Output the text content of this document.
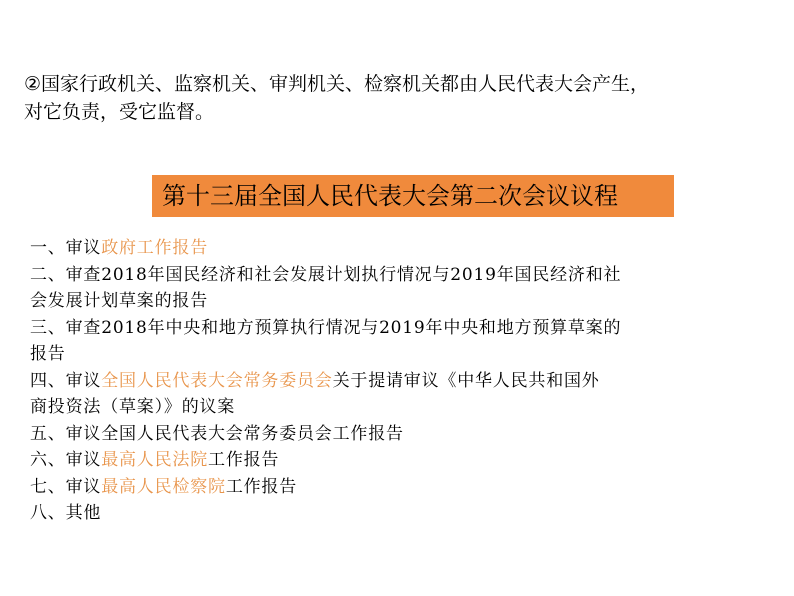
②国家行政机关、监察机关、审判机关、检察机关都由人民代表大会产生，
对它负责，受它监督。
第十三届全国人民代表大会第二次会议议程
一、审议政府工作报告
二、审查2018年国民经济和社会发展计划执行情况与2019年国民经济和社
会发展计划草案的报告
三、审查2018年中央和地方预算执行情况与2019年中央和地方预算草案的
报告
四、审议全国人民代表大会常务委员会关于提请审议《中华人民共和国外
商投资法（草案）》的议案
五、审议全国人民代表大会常务委员会工作报告
六、审议最高人民法院工作报告
七、审议最高人民检察院工作报告
八、其他
